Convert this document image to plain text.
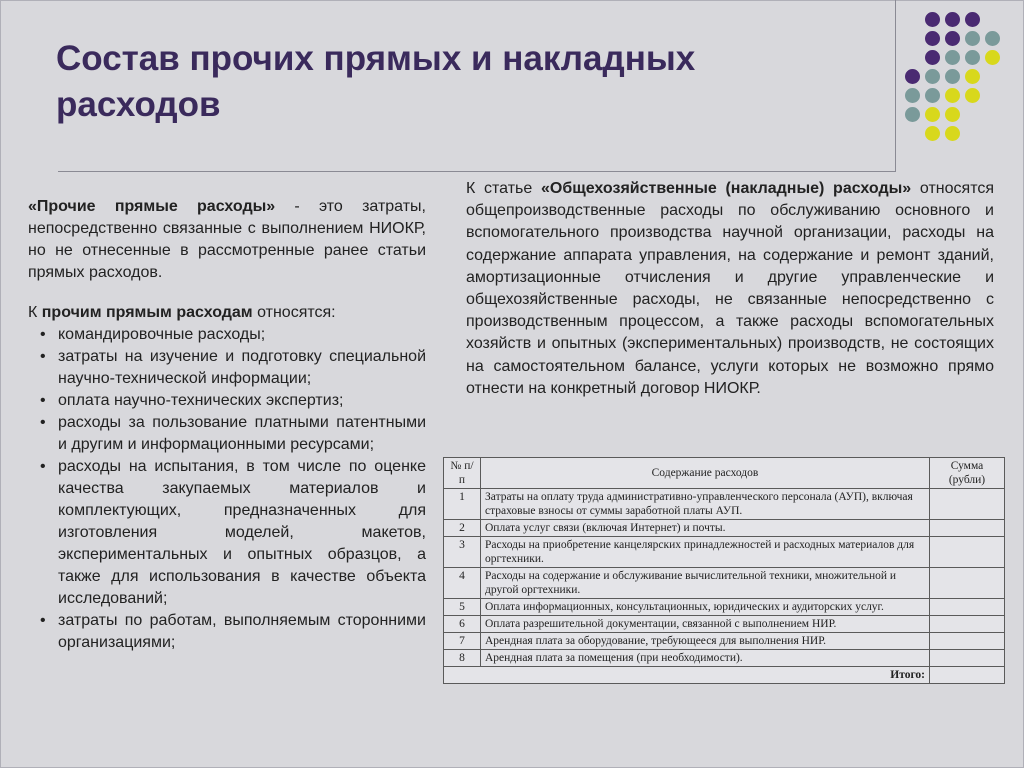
Состав прочих прямых и накладных
расходов

«Прочие прямые расходы» - это затраты, непосредственно связанные с выполнением НИОКР, но не отнесенные в рассмотренные ранее статьи прямых расходов.

К прочим прямым расходам относятся:

• командировочные расходы;
• затраты на изучение и подготовку специальной научно-технической информации;
• оплата научно-технических экспертиз;
• расходы за пользование платными патентными и другим и информационными ресурсами;
• расходы на испытания, в том числе по оценке качества закупаемых материалов и комплектующих, предназначенных для изготовления моделей, макетов, экспериментальных и опытных образцов, а также для использования в качестве объекта исследований;
• затраты по работам, выполняемым сторонними организациями;

К статье «Общехозяйственные (накладные) расходы» относятся общепроизводственные расходы по обслуживанию основного и вспомогательного производства научной организации, расходы на содержание аппарата управления, на содержание и ремонт зданий, амортизационные отчисления и другие управленческие и общехозяйственные расходы, не связанные непосредственно с производственным процессом, а также расходы вспомогательных хозяйств и опытных (экспериментальных) производств, не состоящих на самостоятельном балансе, услуги которых не возможно прямо отнести на конкретный договор НИОКР.

№ п/п	Содержание расходов	Сумма (рубли)
1	Затраты на оплату труда административно-управленческого персонала (АУП), включая страховые взносы от суммы заработной платы АУП.	
2	Оплата услуг связи (включая Интернет) и почты.	
3	Расходы на приобретение канцелярских принадлежностей и расходных материалов для оргтехники.	
4	Расходы на содержание и обслуживание вычислительной техники, множительной и другой оргтехники.	
5	Оплата информационных, консультационных, юридических и аудиторских услуг.	
6	Оплата разрешительной документации, связанной с выполнением НИР.	
7	Арендная плата за оборудование, требующееся для выполнения НИР.	
8	Арендная плата за помещения (при необходимости).	
Итого:		
